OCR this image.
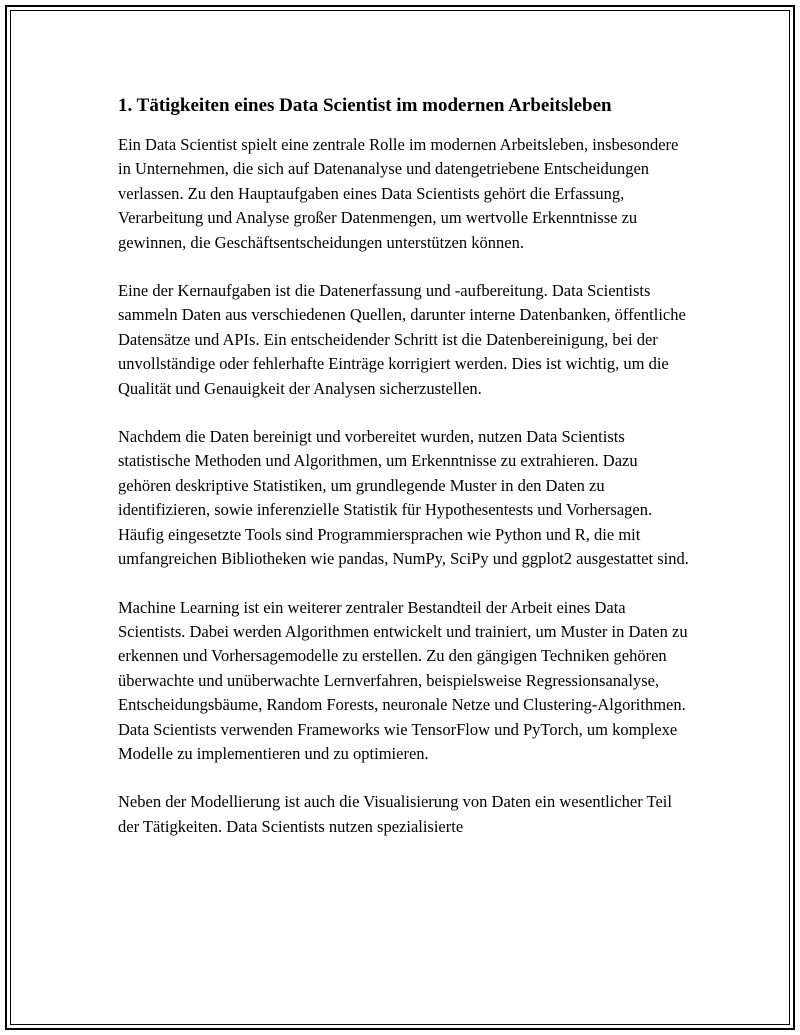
1. Tätigkeiten eines Data Scientist im modernen Arbeitsleben

Ein Data Scientist spielt eine zentrale Rolle im modernen Arbeitsleben, insbesondere in Unternehmen, die sich auf Datenanalyse und datengetriebene Entscheidungen verlassen. Zu den Hauptaufgaben eines Data Scientists gehört die Erfassung, Verarbeitung und Analyse großer Datenmengen, um wertvolle Erkenntnisse zu gewinnen, die Geschäftsentscheidungen unterstützen können.

Eine der Kernaufgaben ist die Datenerfassung und -aufbereitung. Data Scientists sammeln Daten aus verschiedenen Quellen, darunter interne Datenbanken, öffentliche Datensätze und APIs. Ein entscheidender Schritt ist die Datenbereinigung, bei der unvollständige oder fehlerhafte Einträge korrigiert werden. Dies ist wichtig, um die Qualität und Genauigkeit der Analysen sicherzustellen.

Nachdem die Daten bereinigt und vorbereitet wurden, nutzen Data Scientists statistische Methoden und Algorithmen, um Erkenntnisse zu extrahieren. Dazu gehören deskriptive Statistiken, um grundlegende Muster in den Daten zu identifizieren, sowie inferenzielle Statistik für Hypothesentests und Vorhersagen. Häufig eingesetzte Tools sind Programmiersprachen wie Python und R, die mit umfangreichen Bibliotheken wie pandas, NumPy, SciPy und ggplot2 ausgestattet sind.

Machine Learning ist ein weiterer zentraler Bestandteil der Arbeit eines Data Scientists. Dabei werden Algorithmen entwickelt und trainiert, um Muster in Daten zu erkennen und Vorhersagemodelle zu erstellen. Zu den gängigen Techniken gehören überwachte und unüberwachte Lernverfahren, beispielsweise Regressionsanalyse, Entscheidungsbäume, Random Forests, neuronale Netze und Clustering-Algorithmen. Data Scientists verwenden Frameworks wie TensorFlow und PyTorch, um komplexe Modelle zu implementieren und zu optimieren.

Neben der Modellierung ist auch die Visualisierung von Daten ein wesentlicher Teil der Tätigkeiten. Data Scientists nutzen spezialisierte
